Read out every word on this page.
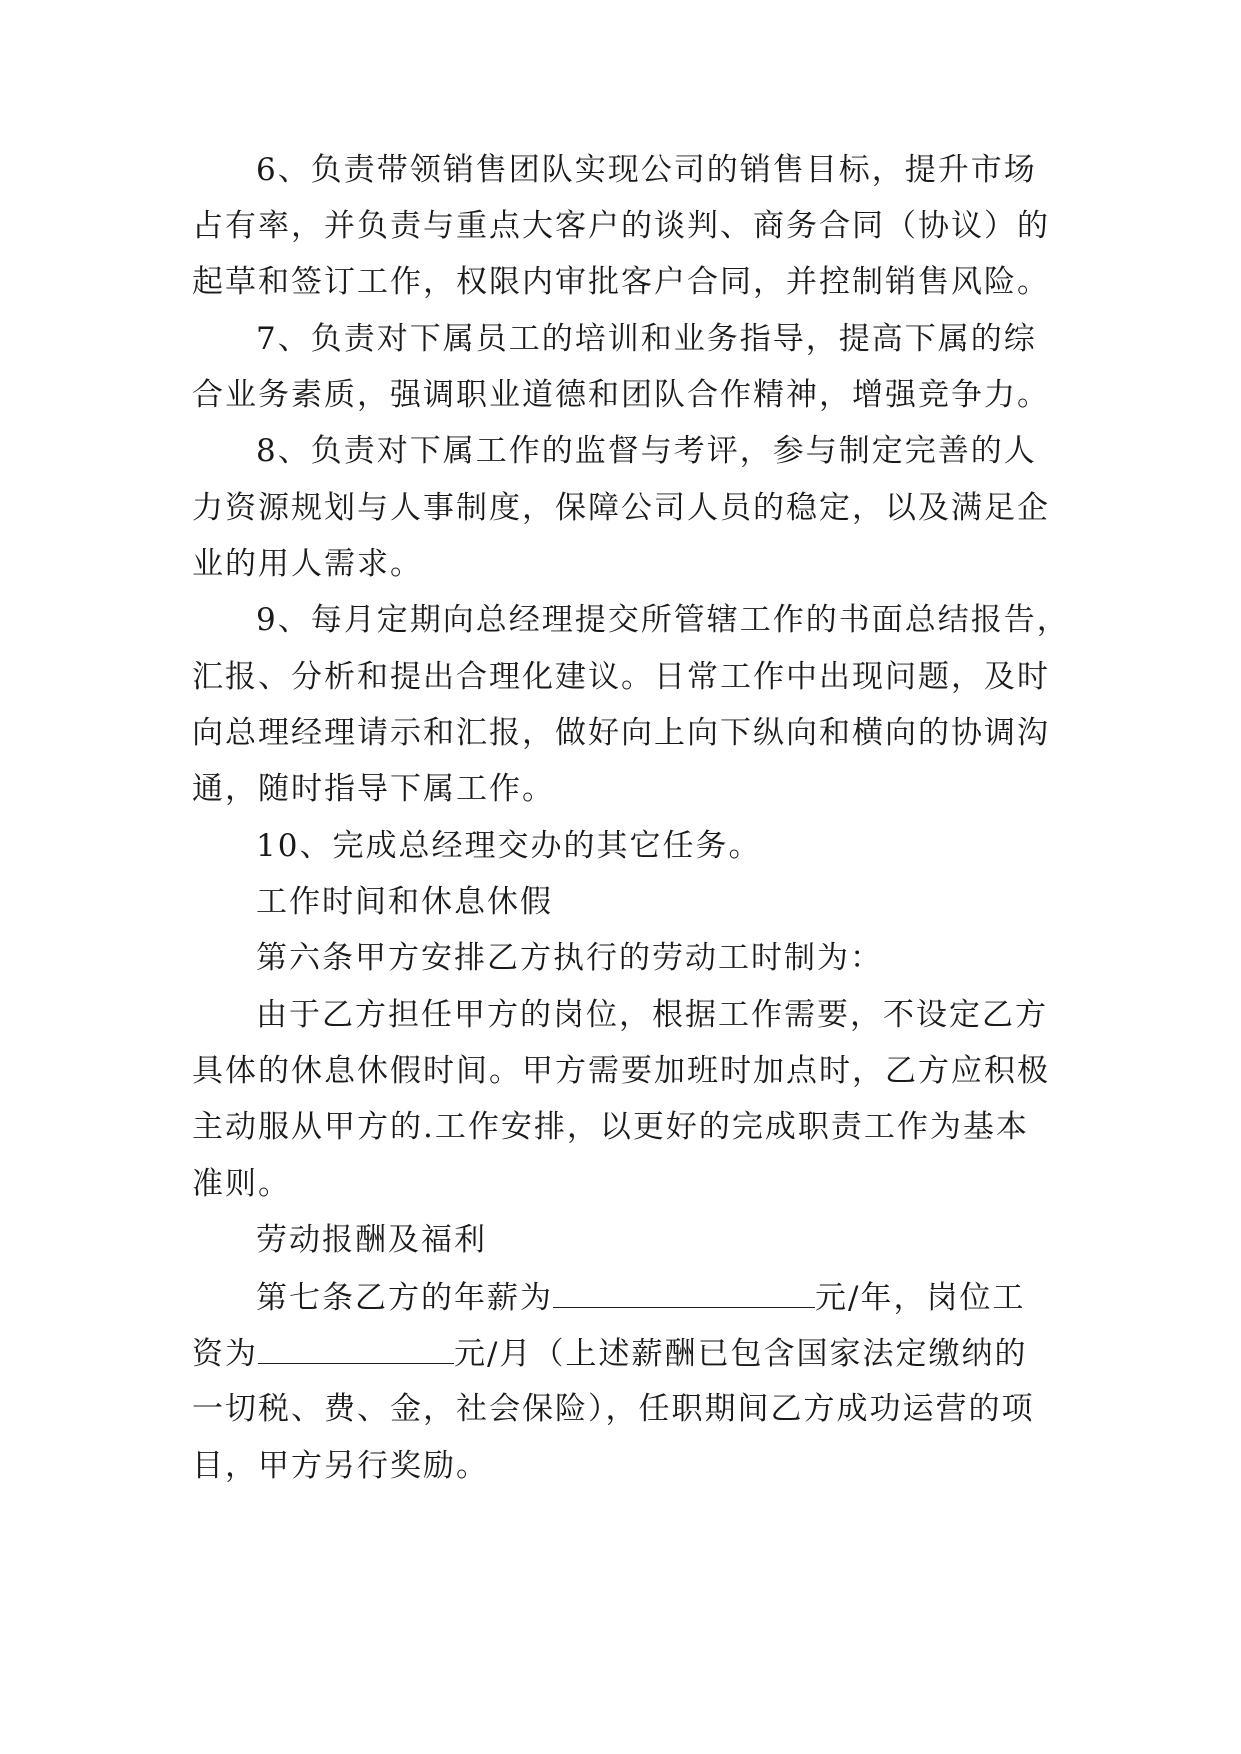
6、负责带领销售团队实现公司的销售目标，提升市场
占有率，并负责与重点大客户的谈判、商务合同（协议）的
起草和签订工作，权限内审批客户合同，并控制销售风险。
7、负责对下属员工的培训和业务指导，提高下属的综
合业务素质，强调职业道德和团队合作精神，增强竞争力。
8、负责对下属工作的监督与考评，参与制定完善的人
力资源规划与人事制度，保障公司人员的稳定，以及满足企
业的用人需求。
9、每月定期向总经理提交所管辖工作的书面总结报告，
汇报、分析和提出合理化建议。日常工作中出现问题，及时
向总理经理请示和汇报，做好向上向下纵向和横向的协调沟
通，随时指导下属工作。
10、完成总经理交办的其它任务。
工作时间和休息休假
第六条甲方安排乙方执行的劳动工时制为：
由于乙方担任甲方的岗位，根据工作需要，不设定乙方
具体的休息休假时间。甲方需要加班时加点时，乙方应积极
主动服从甲方的.工作安排，以更好的完成职责工作为基本
准则。
劳动报酬及福利
第七条乙方的年薪为	元/年，岗位工
资为	元/月（上述薪酬已包含国家法定缴纳的
一切税、费、金，社会保险），任职期间乙方成功运营的项
目，甲方另行奖励。
